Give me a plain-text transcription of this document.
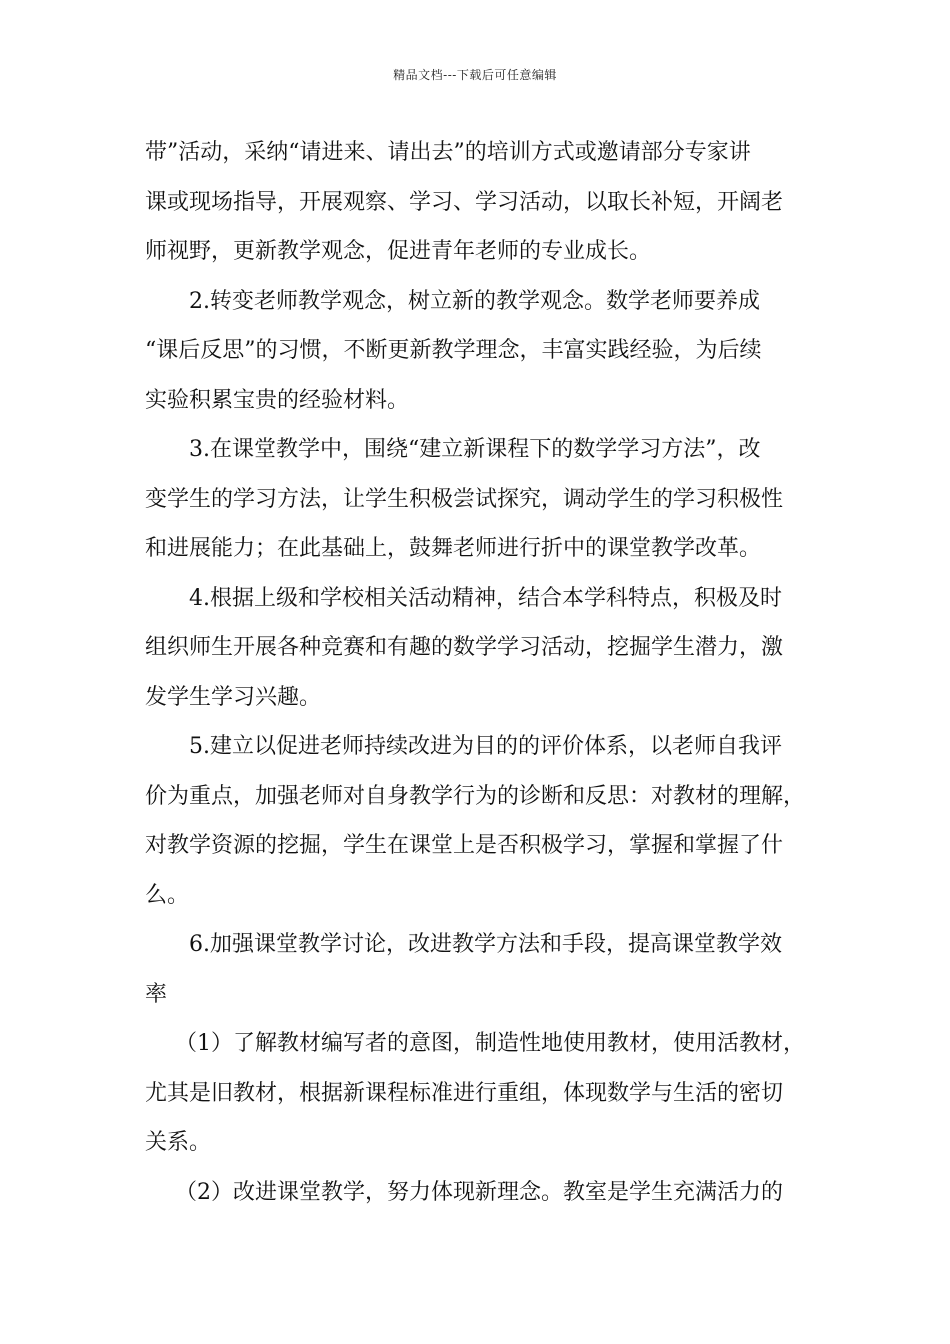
精品文档---下载后可任意编辑
带”活动，采纳“请进来、请出去”的培训方式或邀请部分专家讲
课或现场指导，开展观察、学习、学习活动，以取长补短，开阔老
师视野，更新教学观念，促进青年老师的专业成长。
2.转变老师教学观念，树立新的教学观念。数学老师要养成
“课后反思”的习惯，不断更新教学理念，丰富实践经验，为后续
实验积累宝贵的经验材料。
3.在课堂教学中，围绕“建立新课程下的数学学习方法”，改
变学生的学习方法，让学生积极尝试探究，调动学生的学习积极性
和进展能力；在此基础上，鼓舞老师进行折中的课堂教学改革。
4.根据上级和学校相关活动精神，结合本学科特点，积极及时
组织师生开展各种竞赛和有趣的数学学习活动，挖掘学生潜力，激
发学生学习兴趣。
5.建立以促进老师持续改进为目的的评价体系，以老师自我评
价为重点，加强老师对自身教学行为的诊断和反思：对教材的理解，
对教学资源的挖掘，学生在课堂上是否积极学习，掌握和掌握了什
么。
6.加强课堂教学讨论，改进教学方法和手段，提高课堂教学效
率
（1）了解教材编写者的意图，制造性地使用教材，使用活教材，
尤其是旧教材，根据新课程标准进行重组，体现数学与生活的密切
关系。
（2）改进课堂教学，努力体现新理念。教室是学生充满活力的
